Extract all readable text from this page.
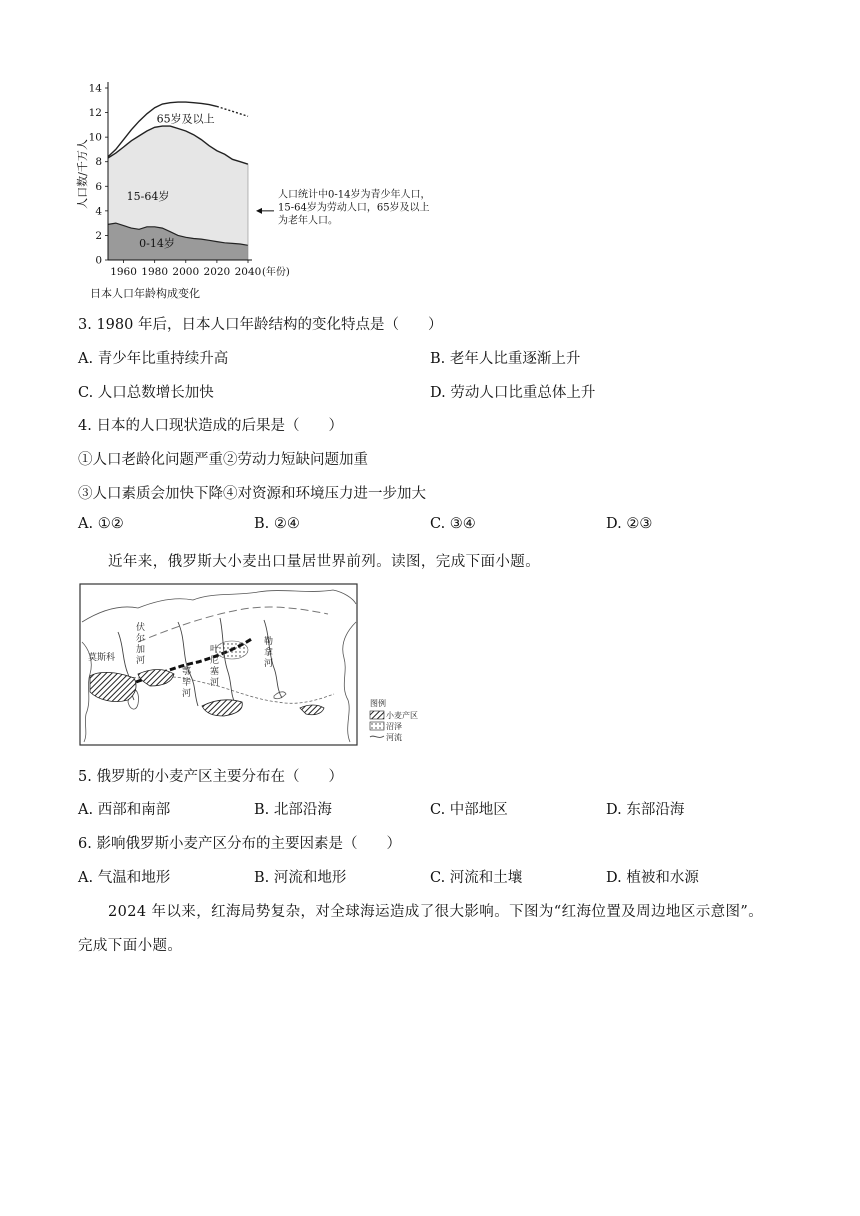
0
2
4
6
8
10
12
14
1960 1980 2000 2020 2040 (年份)
人口数/千万人
65岁及以上
15-64岁
0-14岁
人口统计中0-14岁为青少年人口，
15-64岁为劳动人口，65岁及以上
为老年人口。
日本人口年龄构成变化
3. 1980 年后，日本人口年龄结构的变化特点是（　　）
A. 青少年比重持续升高	B. 老年人比重逐渐上升
C. 人口总数增长加快	D. 劳动人口比重总体上升
4. 日本的人口现状造成的后果是（　　）
①人口老龄化问题严重②劳动力短缺问题加重
③人口素质会加快下降④对资源和环境压力进一步加大
A. ①②	B. ②④	C. ③④	D. ②③
近年来，俄罗斯大小麦出口量居世界前列。读图，完成下面小题。
莫斯科
伏 尔 加 河
鄂 毕 河
叶 尼 塞 河
勒 拿 河
图例
小麦产区
沼泽
河流
5. 俄罗斯的小麦产区主要分布在（　　）
A. 西部和南部	B. 北部沿海	C. 中部地区	D. 东部沿海
6. 影响俄罗斯小麦产区分布的主要因素是（　　）
A. 气温和地形	B. 河流和地形	C. 河流和土壤	D. 植被和水源
2024 年以来，红海局势复杂，对全球海运造成了很大影响。下图为“红海位置及周边地区示意图”。
完成下面小题。
